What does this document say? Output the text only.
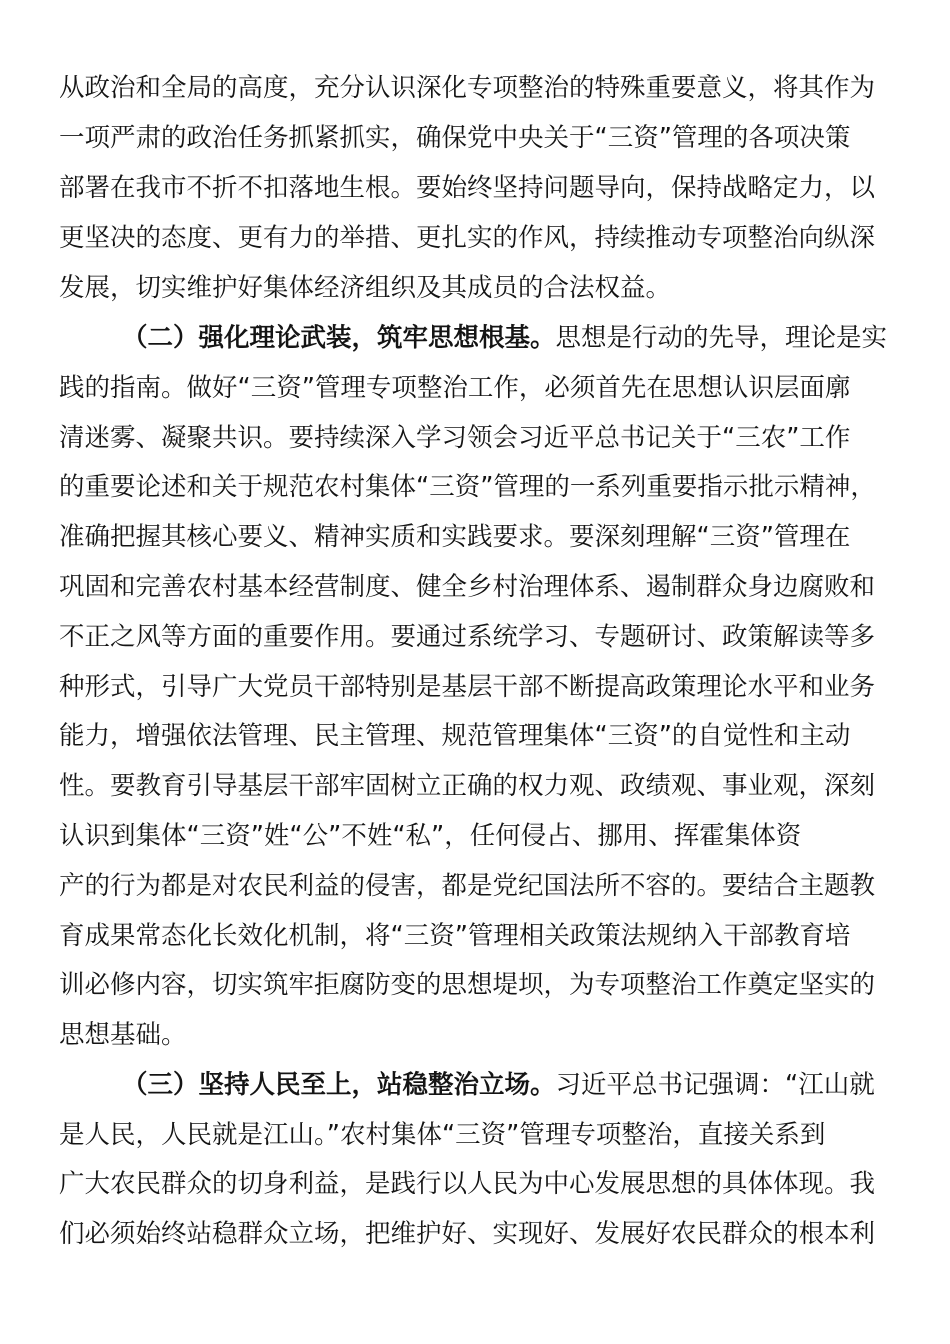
从政治和全局的高度，充分认识深化专项整治的特殊重要意义，将其作为
一项严肃的政治任务抓紧抓实，确保党中央关于“三资”管理的各项决策
部署在我市不折不扣落地生根。要始终坚持问题导向，保持战略定力，以
更坚决的态度、更有力的举措、更扎实的作风，持续推动专项整治向纵深
发展，切实维护好集体经济组织及其成员的合法权益。
（二）强化理论武装，筑牢思想根基。思想是行动的先导，理论是实
践的指南。做好“三资”管理专项整治工作，必须首先在思想认识层面廓
清迷雾、凝聚共识。要持续深入学习领会习近平总书记关于“三农”工作
的重要论述和关于规范农村集体“三资”管理的一系列重要指示批示精神，
准确把握其核心要义、精神实质和实践要求。要深刻理解“三资”管理在
巩固和完善农村基本经营制度、健全乡村治理体系、遏制群众身边腐败和
不正之风等方面的重要作用。要通过系统学习、专题研讨、政策解读等多
种形式，引导广大党员干部特别是基层干部不断提高政策理论水平和业务
能力，增强依法管理、民主管理、规范管理集体“三资”的自觉性和主动
性。要教育引导基层干部牢固树立正确的权力观、政绩观、事业观，深刻
认识到集体“三资”姓“公”不姓“私”，任何侵占、挪用、挥霍集体资
产的行为都是对农民利益的侵害，都是党纪国法所不容的。要结合主题教
育成果常态化长效化机制，将“三资”管理相关政策法规纳入干部教育培
训必修内容，切实筑牢拒腐防变的思想堤坝，为专项整治工作奠定坚实的
思想基础。
（三）坚持人民至上，站稳整治立场。习近平总书记强调：“江山就
是人民，人民就是江山。”农村集体“三资”管理专项整治，直接关系到
广大农民群众的切身利益，是践行以人民为中心发展思想的具体体现。我
们必须始终站稳群众立场，把维护好、实现好、发展好农民群众的根本利
